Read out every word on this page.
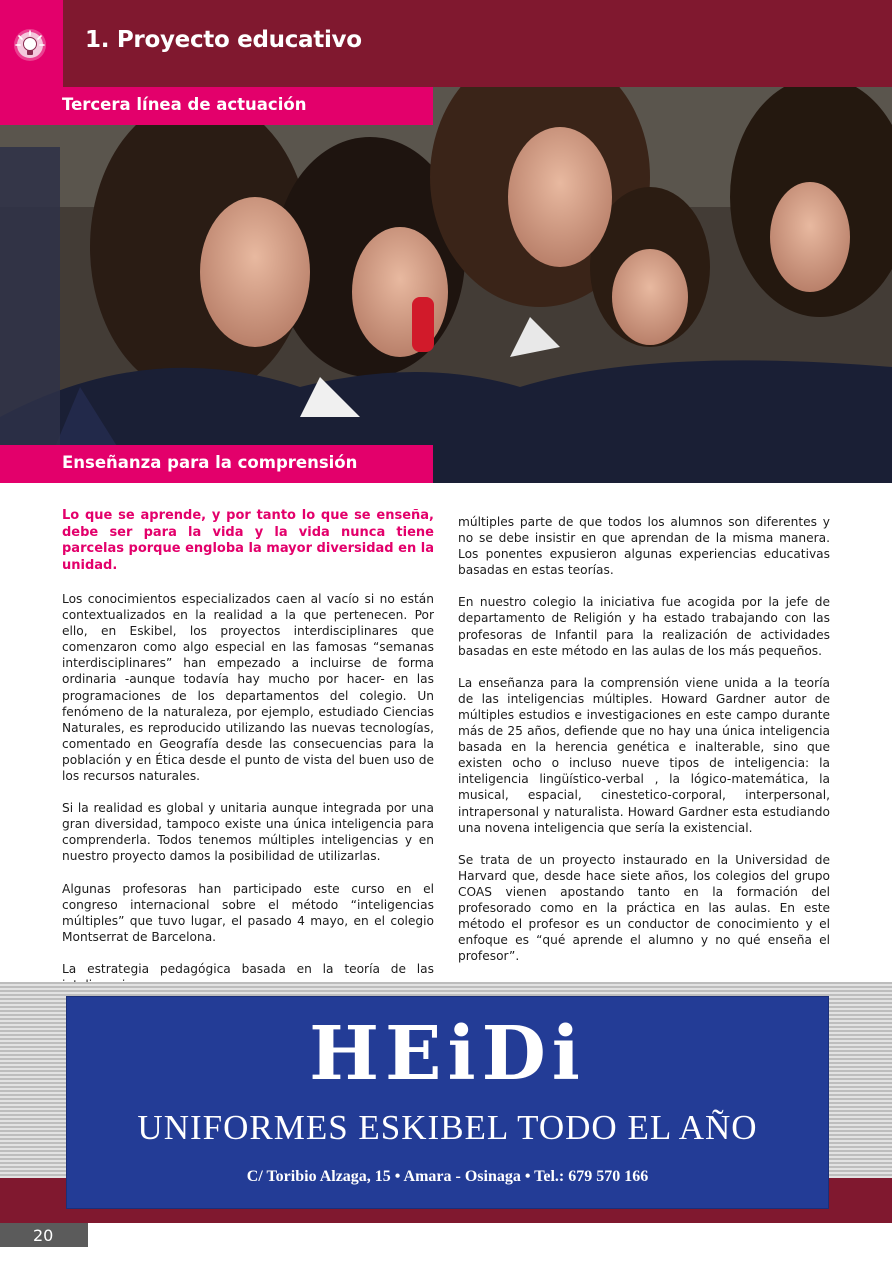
1. Proyecto educativo
Tercera línea de actuación
Enseñanza para la comprensión

Lo que se aprende, y por tanto lo que se enseña, debe ser para la vida y la vida nunca tiene parcelas porque engloba la mayor diversidad en la unidad.

Los conocimientos especializados caen al vacío si no están contextualizados en la realidad a la que pertenecen. Por ello, en Eskibel, los proyectos interdisciplinares que comenzaron como algo especial en las famosas “semanas interdisciplinares” han empezado a incluirse de forma ordinaria -aunque todavía hay mucho por hacer- en las programaciones de los departamentos del colegio. Un fenómeno de la naturaleza, por ejemplo, estudiado Ciencias Naturales, es reproducido utilizando las nuevas tecnologías, comentado en Geografía desde las consecuencias para la población y en Ética desde el punto de vista del buen uso de los recursos naturales.

Si la realidad es global y unitaria aunque integrada por una gran diversidad, tampoco existe una única inteligencia para comprenderla. Todos tenemos múltiples inteligencias y en nuestro proyecto damos la posibilidad de utilizarlas.

Algunas profesoras han participado este curso en el congreso internacional sobre el método “inteligencias múltiples” que tuvo lugar, el pasado 4 mayo, en el colegio Montserrat de Barcelona.

La estrategia pedagógica basada en la teoría de las

múltiples parte de que todos los alumnos son diferentes y no se debe insistir en que aprendan de la misma manera. Los ponentes expusieron algunas experiencias educativas basadas en estas teorías.

En nuestro colegio la iniciativa fue acogida por la jefe de departamento de Religión y ha estado trabajando con las profesoras de Infantil para la realización de actividades basadas en este método en las aulas de los más pequeños.

La enseñanza para la comprensión viene unida a la teoría de las inteligencias múltiples. Howard Gardner autor de múltiples estudios e investigaciones en este campo durante más de 25 años, defiende que no hay una única inteligencia basada en la herencia genética e inalterable, sino que existen ocho o incluso nueve tipos de inteligencia: la inteligencia lingüístico-verbal , la lógico-matemática, la musical, espacial, cinestetico-corporal, interpersonal, intrapersonal y naturalista. Howard Gardner esta estudiando una novena inteligencia que sería la existencial.

Se trata de un proyecto instaurado en la Universidad de Harvard que, desde hace siete años, los colegios del grupo COAS vienen apostando tanto en la formación del profesorado como en la práctica en las aulas. En este método el profesor es un conductor de conocimiento y el enfoque es “qué aprende el alumno y no qué enseña el profesor”.

HEiDi
UNIFORMES ESKIBEL TODO EL AÑO
C/ Toribio Alzaga, 15 • Amara - Osinaga • Tel.: 679 570 166
20
